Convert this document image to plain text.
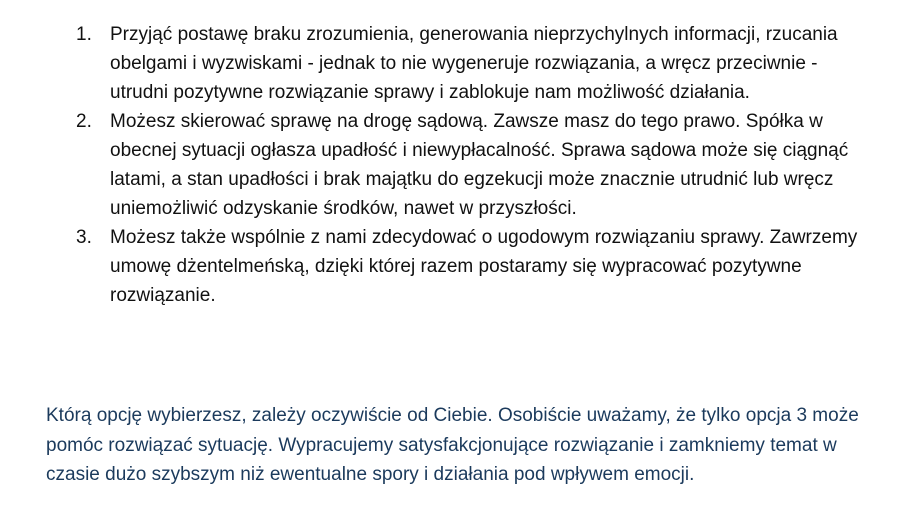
1. Przyjąć postawę braku zrozumienia, generowania nieprzychylnych informacji, rzucania obelgami i wyzwiskami - jednak to nie wygeneruje rozwiązania, a wręcz przeciwnie - utrudni pozytywne rozwiązanie sprawy i zablokuje nam możliwość działania.
2. Możesz skierować sprawę na drogę sądową. Zawsze masz do tego prawo. Spółka w obecnej sytuacji ogłasza upadłość i niewypłacalność. Sprawa sądowa może się ciągnąć latami, a stan upadłości i brak majątku do egzekucji może znacznie utrudnić lub wręcz uniemożliwić odzyskanie środków, nawet w przyszłości.
3. Możesz także wspólnie z nami zdecydować o ugodowym rozwiązaniu sprawy. Zawrzemy umowę dżentelmeńską, dzięki której razem postaramy się wypracować pozytywne rozwiązanie.

Którą opcję wybierzesz, zależy oczywiście od Ciebie. Osobiście uważamy, że tylko opcja 3 może pomóc rozwiązać sytuację. Wypracujemy satysfakcjonujące rozwiązanie i zamkniemy temat w czasie dużo szybszym niż ewentualne spory i działania pod wpływem emocji.
